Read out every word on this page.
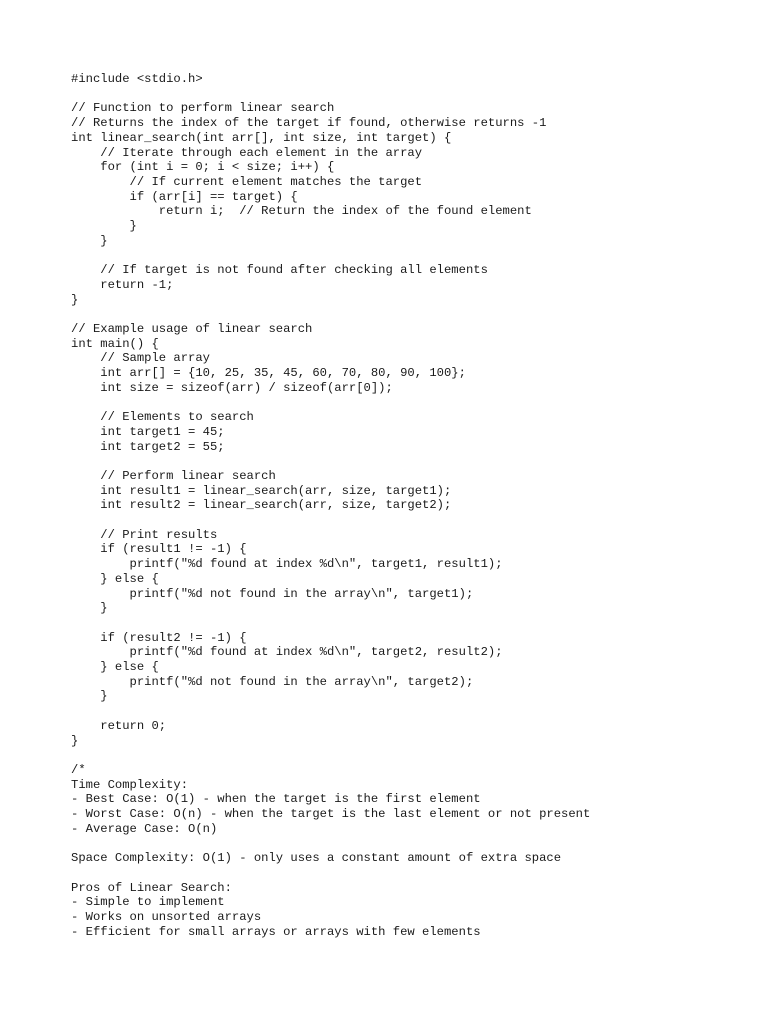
#include <stdio.h>
// Function to perform linear search
// Returns the index of the target if found, otherwise returns -1
int linear_search(int arr[], int size, int target) {
// Iterate through each element in the array
for (int i = 0; i < size; i++) {
// If current element matches the target
if (arr[i] == target) {
return i;  // Return the index of the found element
}
}
// If target is not found after checking all elements
return -1;
}
// Example usage of linear search
int main() {
// Sample array
int arr[] = {10, 25, 35, 45, 60, 70, 80, 90, 100};
int size = sizeof(arr) / sizeof(arr[0]);
// Elements to search
int target1 = 45;
int target2 = 55;
// Perform linear search
int result1 = linear_search(arr, size, target1);
int result2 = linear_search(arr, size, target2);
// Print results
if (result1 != -1) {
printf("%d found at index %d\n", target1, result1);
} else {
printf("%d not found in the array\n", target1);
}
if (result2 != -1) {
printf("%d found at index %d\n", target2, result2);
} else {
printf("%d not found in the array\n", target2);
}
return 0;
}
/*
Time Complexity:
- Best Case: O(1) - when the target is the first element
- Worst Case: O(n) - when the target is the last element or not present
- Average Case: O(n)
Space Complexity: O(1) - only uses a constant amount of extra space
Pros of Linear Search:
- Simple to implement
- Works on unsorted arrays
- Efficient for small arrays or arrays with few elements
